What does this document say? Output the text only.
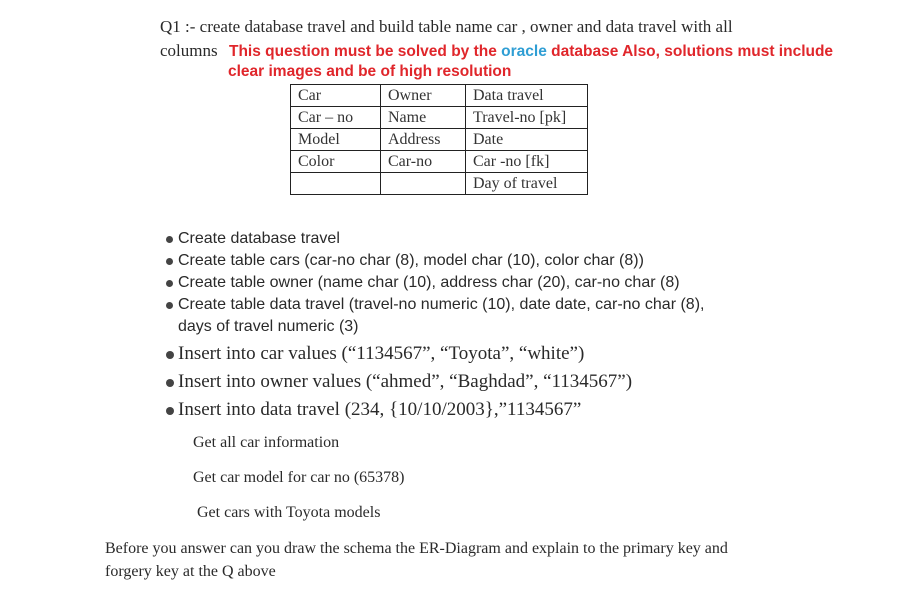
Q1 :- create database travel and build table name car , owner and data travel with all
columns This question must be solved by the oracle database Also, solutions must include
clear images and be of high resolution
Car	Owner	Data travel
Car – no	Name	Travel-no [pk]
Model	Address	Date
Color	Car-no	Car -no [fk]
		Day of travel
Create database travel
Create table cars (car-no char (8), model char (10), color char (8))
Create table owner (name char (10), address char (20), car-no char (8)
Create table data travel (travel-no numeric (10), date date, car-no char (8), days of travel numeric (3)
Insert into car values (“1134567”, “Toyota”, “white”)
Insert into owner values (“ahmed”, “Baghdad”, “1134567”)
Insert into data travel (234, {10/10/2003},”1134567”
Get all car information
Get car model for car no (65378)
Get cars with Toyota models
Before you answer can you draw the schema the ER-Diagram and explain to the primary key and
forgery key at the Q above
